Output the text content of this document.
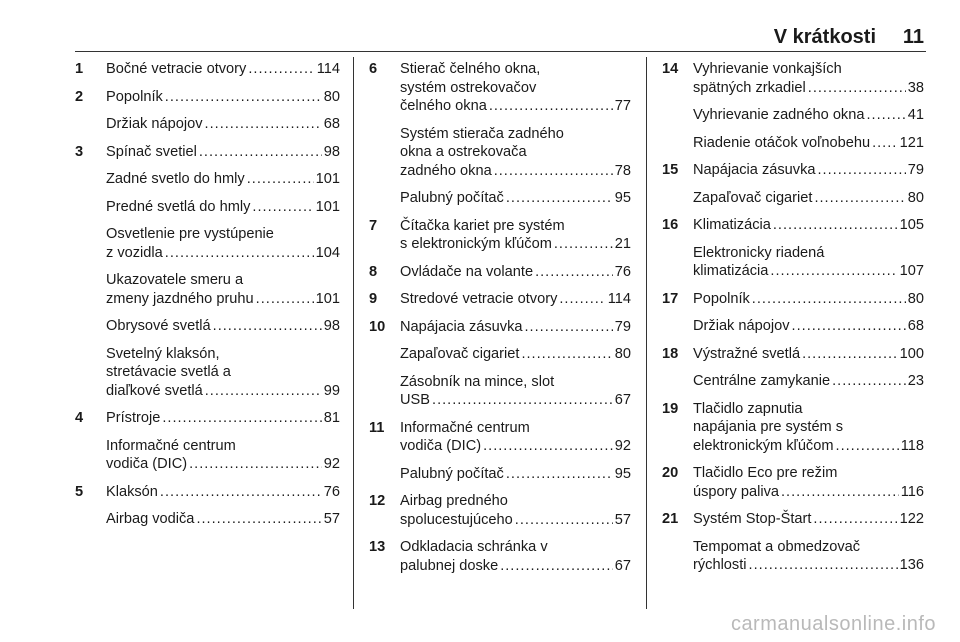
V krátkosti 11
1	Bočné vetracie otvory .....	114
2	Popolník .....	80
Držiak nápojov .....	68
3	Spínač svetiel .....	98
Zadné svetlo do hmly .....	101
Predné svetlá do hmly .....	101
Osvetlenie pre vystúpenie
z vozidla .....	104
Ukazovatele smeru a
zmeny jazdného pruhu .....	101
Obrysové svetlá .....	98
Svetelný klaksón,
stretávacie svetlá a
diaľkové svetlá .....	99
4	Prístroje .....	81
Informačné centrum
vodiča (DIC) .....	92
5	Klaksón .....	76
Airbag vodiča .....	57
6	Stierač čelného okna,
systém ostrekovačov
čelného okna .....	77
Systém stierača zadného
okna a ostrekovača
zadného okna .....	78
Palubný počítač .....	95
7	Čítačka kariet pre systém
s elektronickým kľúčom .....	21
8	Ovládače na volante .....	76
9	Stredové vetracie otvory .....	114
10	Napájacia zásuvka .....	79
Zapaľovač cigariet .....	80
Zásobník na mince, slot
USB .....	67
11	Informačné centrum
vodiča (DIC) .....	92
Palubný počítač .....	95
12	Airbag predného
spolucestujúceho .....	57
13	Odkladacia schránka v
palubnej doske .....	67
14	Vyhrievanie vonkajších
spätných zrkadiel .....	38
Vyhrievanie zadného okna .....	41
Riadenie otáčok voľnobehu ..... 121
15	Napájacia zásuvka .....	79
Zapaľovač cigariet .....	80
16	Klimatizácia .....	105
Elektronicky riadená
klimatizácia .....	107
17	Popolník .....	80
Držiak nápojov .....	68
18	Výstražné svetlá .....	100
Centrálne zamykanie .....	23
19	Tlačidlo zapnutia
napájania pre systém s
elektronickým kľúčom .....	118
20	Tlačidlo Eco pre režim
úspory paliva .....	116
21	Systém Stop-Štart .....	122
Tempomat a obmedzovač
rýchlosti .....	136
carmanualsonline.info
